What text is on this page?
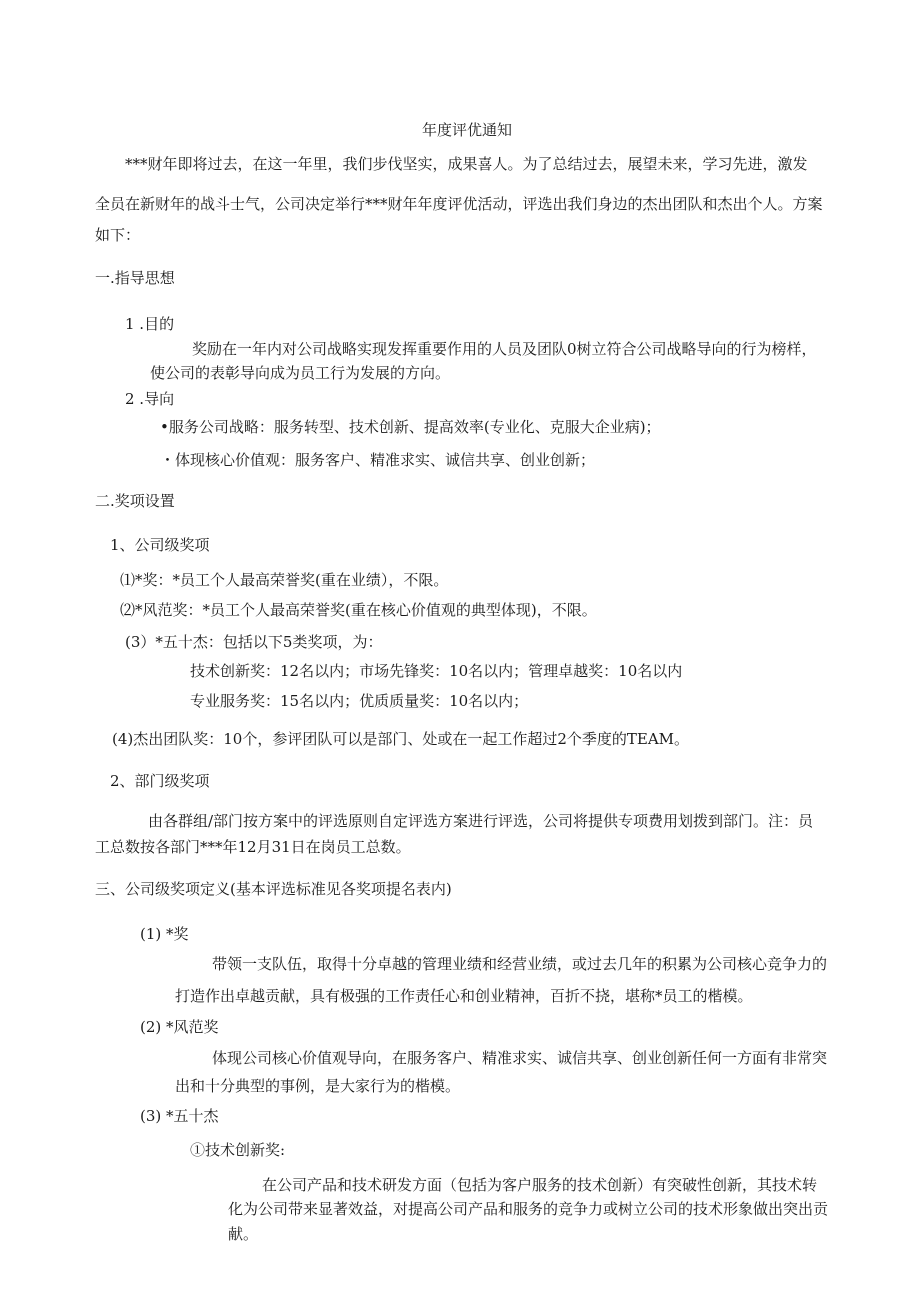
年度评优通知
***财年即将过去，在这一年里，我们步伐坚实，成果喜人。为了总结过去，展望未来，学习先进，激发
全员在新财年的战斗士气，公司决定举行***财年年度评优活动，评选出我们身边的杰出团队和杰出个人。方案
如下：
一.指导思想
1 .目的
奖励在一年内对公司战略实现发挥重要作用的人员及团队0树立符合公司战略导向的行为榜样，
使公司的表彰导向成为员工行为发展的方向。
2 .导向
•服务公司战略：服务转型、技术创新、提高效率(专业化、克服大企业病)；
・体现核心价值观：服务客户、精准求实、诚信共享、创业创新；
二.奖项设置
1、公司级奖项
⑴*奖：*员工个人最高荣誉奖(重在业绩），不限。
⑵*风范奖：*员工个人最高荣誉奖(重在核心价值观的典型体现)，不限。
(3）*五十杰：包括以下5类奖项，为：
技术创新奖：12名以内；市场先锋奖：10名以内；管理卓越奖：10名以内
专业服务奖：15名以内；优质质量奖：10名以内；
(4)杰出团队奖：10个，参评团队可以是部门、处或在一起工作超过2个季度的TEAM。
2、部门级奖项
由各群组/部门按方案中的评选原则自定评选方案进行评选，公司将提供专项费用划拨到部门。注：员
工总数按各部门***年12月31日在岗员工总数。
三、公司级奖项定义(基本评选标准见各奖项提名表内)
(1) *奖
带领一支队伍，取得十分卓越的管理业绩和经营业绩，或过去几年的积累为公司核心竞争力的
打造作出卓越贡献，具有极强的工作责任心和创业精神，百折不挠，堪称*员工的楷模。
(2) *风范奖
体现公司核心价值观导向，在服务客户、精准求实、诚信共享、创业创新任何一方面有非常突
出和十分典型的事例，是大家行为的楷模。
(3) *五十杰
①技术创新奖:
在公司产品和技术研发方面（包括为客户服务的技术创新）有突破性创新，其技术转
化为公司带来显著效益，对提高公司产品和服务的竞争力或树立公司的技术形象做出突出贡
献。
